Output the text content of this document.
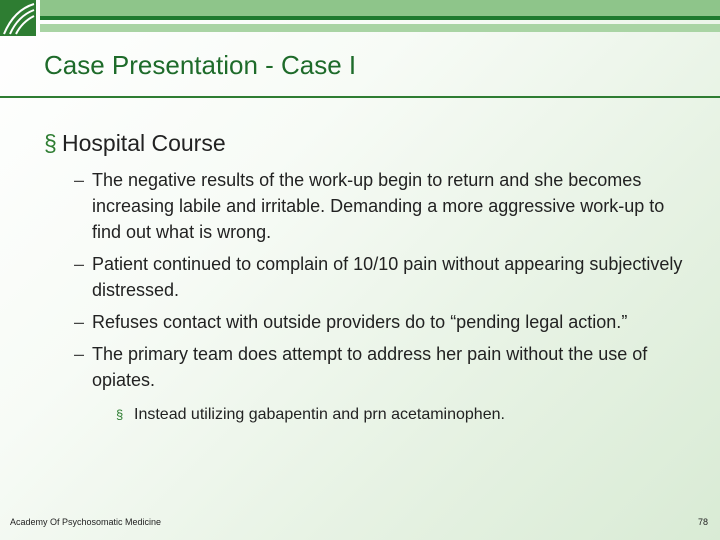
Case Presentation - Case I
§ Hospital Course
– The negative results of the work-up begin to return and she becomes increasing labile and irritable. Demanding a more aggressive work-up to find out what is wrong.
– Patient continued to complain of 10/10 pain without appearing subjectively distressed.
– Refuses contact with outside providers do to “pending legal action.”
– The primary team does attempt to address her pain without the use of opiates.
§ Instead utilizing gabapentin and prn acetaminophen.
Academy Of Psychosomatic Medicine	78
